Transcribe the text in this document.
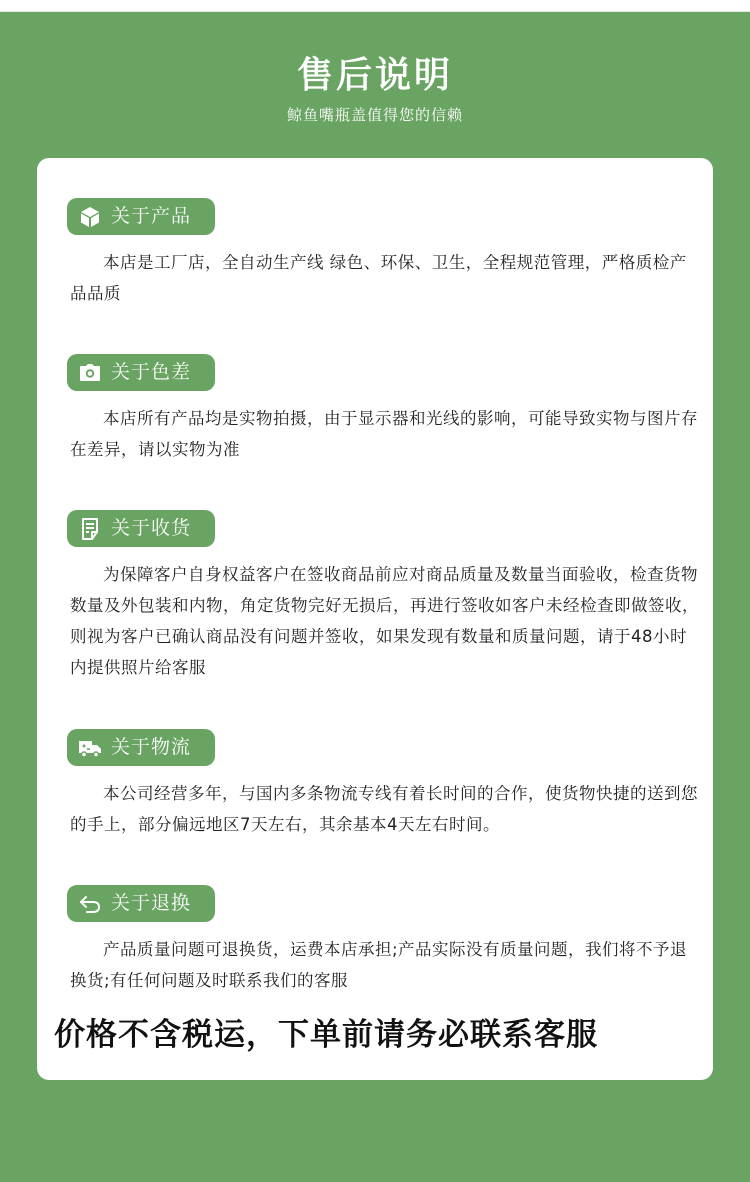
售后说明
鲸鱼嘴瓶盖值得您的信赖
关于产品

本店是工厂店，全自动生产线 绿色、环保、卫生，全程规范管理，严格质检产品品质

关于色差

本店所有产品均是实物拍摄，由于显示器和光线的影响，可能导致实物与图片存在差异，请以实物为准

关于收货

为保障客户自身权益客户在签收商品前应对商品质量及数量当面验收，检查货物数量及外包装和内物，角定货物完好无损后，再进行签收如客户未经检查即做签收，则视为客户已确认商品没有问题并签收，如果发现有数量和质量问题，请于48小时内提供照片给客服

关于物流

本公司经营多年，与国内多条物流专线有着长时间的合作，使货物快捷的送到您的手上，部分偏远地区7天左右，其余基本4天左右时间。

关于退换

产品质量问题可退换货，运费本店承担;产品实际没有质量问题，我们将不予退换货;有任何问题及时联系我们的客服

价格不含税运，下单前请务必联系客服
